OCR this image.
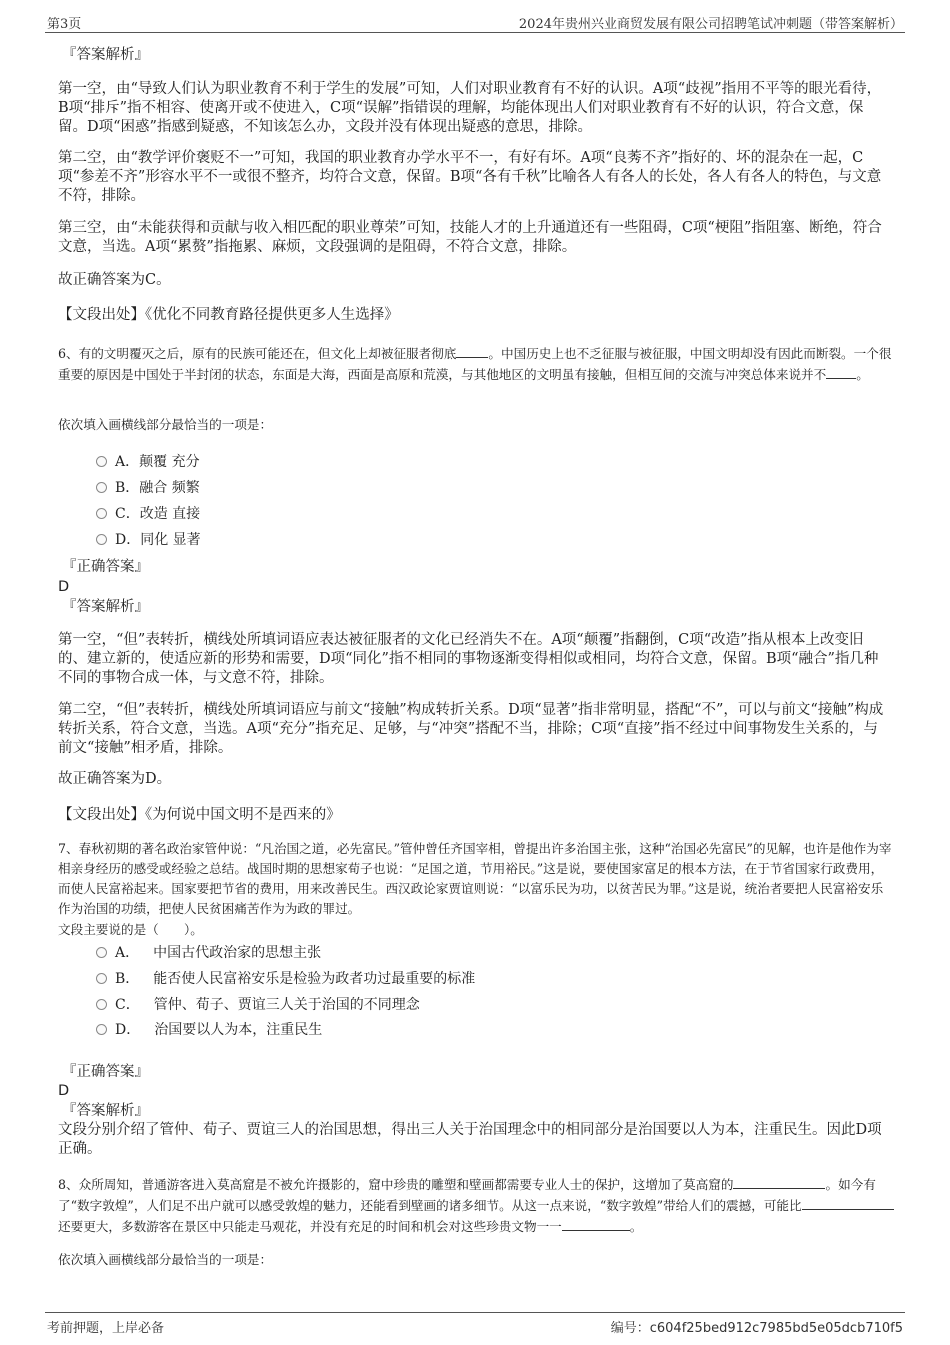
第3页	2024年贵州兴业商贸发展有限公司招聘笔试冲刺题（带答案解析）
『答案解析』

第一空，由“导致人们认为职业教育不利于学生的发展”可知，人们对职业教育有不好的认识。A项“歧视”指用不平等的眼光看待，B项“排斥”指不相容、使离开或不使进入，C项“误解”指错误的理解，均能体现出人们对职业教育有不好的认识，符合文意，保留。D项“困惑”指感到疑惑，不知该怎么办，文段并没有体现出疑惑的意思，排除。

第二空，由“教学评价褒贬不一”可知，我国的职业教育办学水平不一，有好有坏。A项“良莠不齐”指好的、坏的混杂在一起，C项“参差不齐”形容水平不一或很不整齐，均符合文意，保留。B项“各有千秋”比喻各人有各人的长处，各人有各人的特色，与文意不符，排除。

第三空，由“未能获得和贡献与收入相匹配的职业尊荣”可知，技能人才的上升通道还有一些阻碍，C项“梗阻”指阻塞、断绝，符合文意，当选。A项“累赘”指拖累、麻烦，文段强调的是阻碍，不符合文意，排除。

故正确答案为C。

【文段出处】《优化不同教育路径提供更多人生选择》

6、有的文明覆灭之后，原有的民族可能还在，但文化上却被征服者彻底	。中国历史上也不乏征服与被征服，中国文明却没有因此而断裂。一个很重要的原因是中国处于半封闭的状态，东面是大海，西面是高原和荒漠，与其他地区的文明虽有接触，但相互间的交流与冲突总体来说并不 。

依次填入画横线部分最恰当的一项是：

A．颠覆 充分
B．融合 频繁
C．改造 直接
D．同化 显著
『正确答案』
D
『答案解析』

第一空，“但”表转折，横线处所填词语应表达被征服者的文化已经消失不在。A项“颠覆”指翻倒，C项“改造”指从根本上改变旧的、建立新的，使适应新的形势和需要，D项“同化”指不相同的事物逐渐变得相似或相同，均符合文意，保留。B项“融合”指几种不同的事物合成一体，与文意不符，排除。

第二空，“但”表转折，横线处所填词语应与前文“接触”构成转折关系。D项“显著”指非常明显，搭配“不”，可以与前文“接触”构成转折关系，符合文意，当选。A项“充分”指充足、足够，与“冲突”搭配不当，排除；C项“直接”指不经过中间事物发生关系的，与前文“接触”相矛盾，排除。

故正确答案为D。

【文段出处】《为何说中国文明不是西来的》

7、春秋初期的著名政治家管仲说：“凡治国之道，必先富民。”管仲曾任齐国宰相，曾提出许多治国主张，这种“治国必先富民”的见解，也许是他作为宰相亲身经历的感受或经验之总结。战国时期的思想家荀子也说：“足国之道，节用裕民。”这是说，要使国家富足的根本方法，在于节省国家行政费用，而使人民富裕起来。国家要把节省的费用，用来改善民生。西汉政论家贾谊则说：“以富乐民为功，以贫苦民为罪。”这是说，统治者要把人民富裕安乐作为治国的功绩，把使人民贫困痛苦作为为政的罪过。

文段主要说的是（　　）。

A． 中国古代政治家的思想主张
B． 能否使人民富裕安乐是检验为政者功过最重要的标准
C． 管仲、荀子、贾谊三人关于治国的不同理念
D． 治国要以人为本，注重民生
『正确答案』
D
『答案解析』

文段分别介绍了管仲、荀子、贾谊三人的治国思想，得出三人关于治国理念中的相同部分是治国要以人为本，注重民生。因此D项正确。

8、众所周知，普通游客进入莫高窟是不被允许摄影的，窟中珍贵的雕塑和壁画都需要专业人士的保护，这增加了莫高窟的	。如今有了“数字敦煌”，人们足不出户就可以感受敦煌的魅力，还能看到壁画的诸多细节。从这一点来说，“数字敦煌”带给人们的震撼，可能比还要更大，多数游客在景区中只能走马观花，并没有充足的时间和机会对这些珍贵文物一一	。

依次填入画横线部分最恰当的一项是：

考前押题，上岸必备	编号：c604f25bed912c7985bd5e05dcb710f5
